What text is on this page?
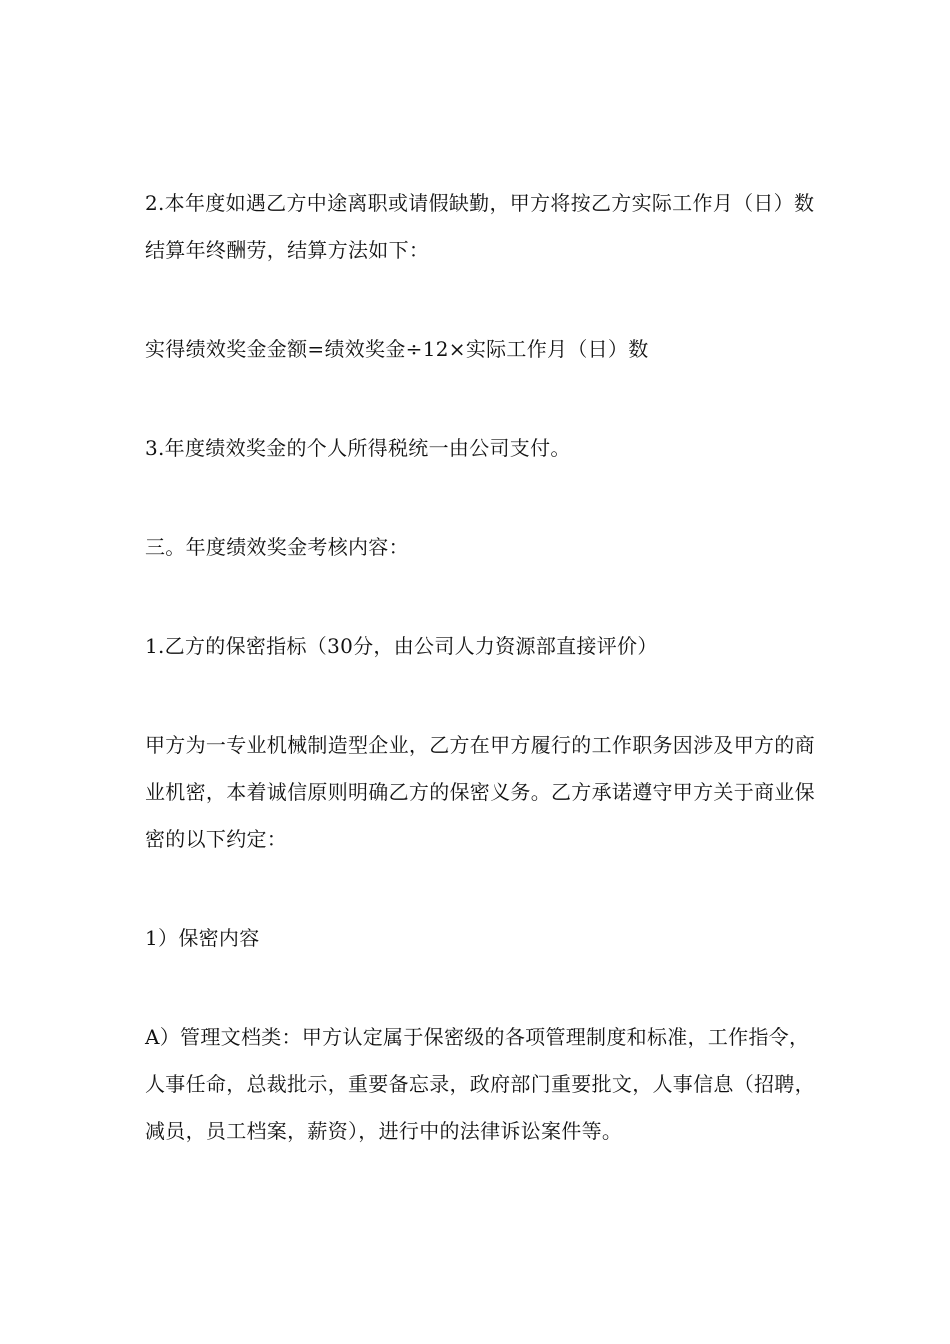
2.本年度如遇乙方中途离职或请假缺勤，甲方将按乙方实际工作月（日）数结算年终酬劳，结算方法如下：

实得绩效奖金金额=绩效奖金÷12×实际工作月（日）数

3.年度绩效奖金的个人所得税统一由公司支付。

三。年度绩效奖金考核内容：

1.乙方的保密指标（30分，由公司人力资源部直接评价）

甲方为一专业机械制造型企业，乙方在甲方履行的工作职务因涉及甲方的商业机密，本着诚信原则明确乙方的保密义务。乙方承诺遵守甲方关于商业保密的以下约定：

1）保密内容

A）管理文档类：甲方认定属于保密级的各项管理制度和标准，工作指令，人事任命，总裁批示，重要备忘录，政府部门重要批文，人事信息（招聘，减员，员工档案，薪资），进行中的法律诉讼案件等。
